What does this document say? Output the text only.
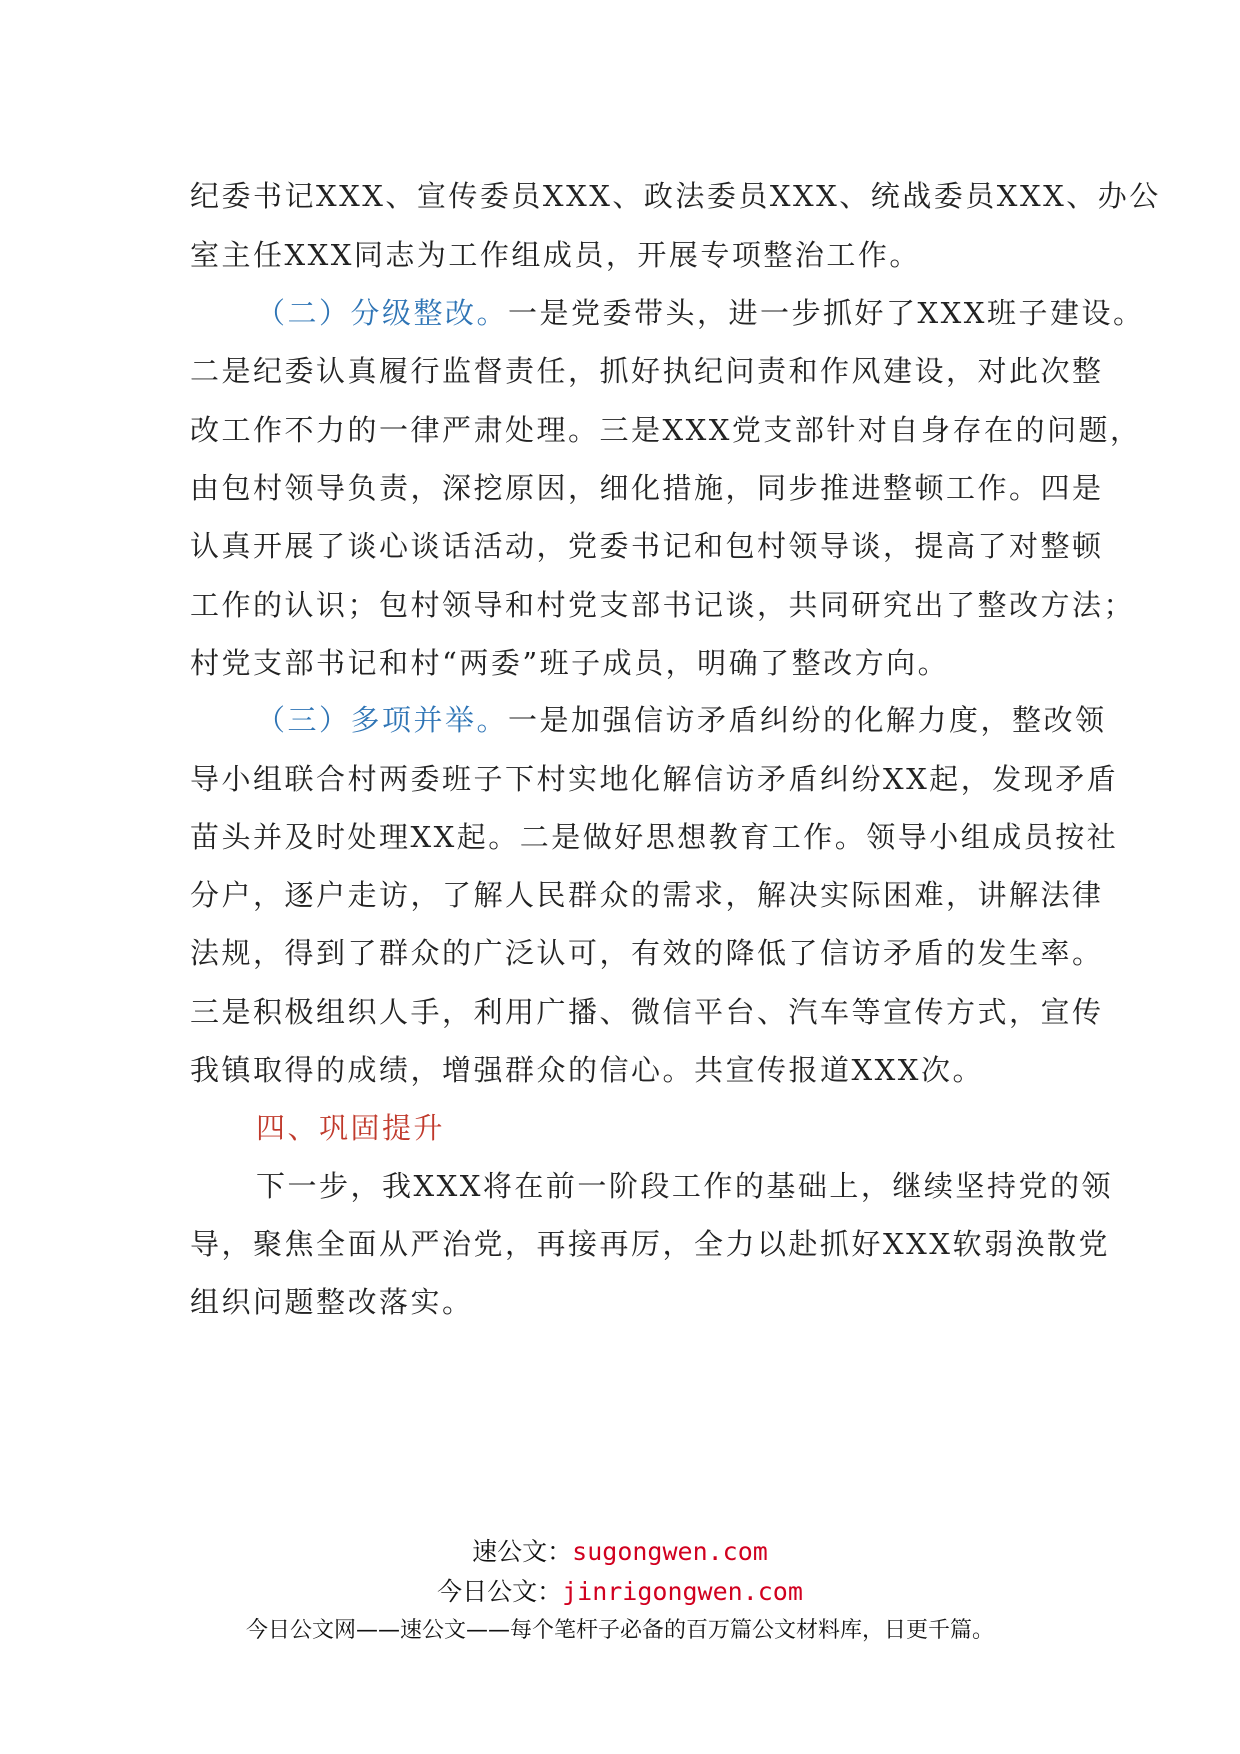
纪委书记XXX、宣传委员XXX、政法委员XXX、统战委员XXX、办公
室主任XXX同志为工作组成员，开展专项整治工作。
（二）分级整改。一是党委带头，进一步抓好了XXX班子建设。
二是纪委认真履行监督责任，抓好执纪问责和作风建设，对此次整
改工作不力的一律严肃处理。三是XXX党支部针对自身存在的问题，
由包村领导负责，深挖原因，细化措施，同步推进整顿工作。四是
认真开展了谈心谈话活动，党委书记和包村领导谈，提高了对整顿
工作的认识；包村领导和村党支部书记谈，共同研究出了整改方法；
村党支部书记和村“两委”班子成员，明确了整改方向。
（三）多项并举。一是加强信访矛盾纠纷的化解力度，整改领
导小组联合村两委班子下村实地化解信访矛盾纠纷XX起，发现矛盾
苗头并及时处理XX起。二是做好思想教育工作。领导小组成员按社
分户，逐户走访，了解人民群众的需求，解决实际困难，讲解法律
法规，得到了群众的广泛认可，有效的降低了信访矛盾的发生率。
三是积极组织人手，利用广播、微信平台、汽车等宣传方式，宣传
我镇取得的成绩，增强群众的信心。共宣传报道XXX次。
四、巩固提升
下一步，我XXX将在前一阶段工作的基础上，继续坚持党的领
导，聚焦全面从严治党，再接再厉，全力以赴抓好XXX软弱涣散党
组织问题整改落实。
速公文：sugongwen.com
今日公文：jinrigongwen.com
今日公文网——速公文——每个笔杆子必备的百万篇公文材料库，日更千篇。
